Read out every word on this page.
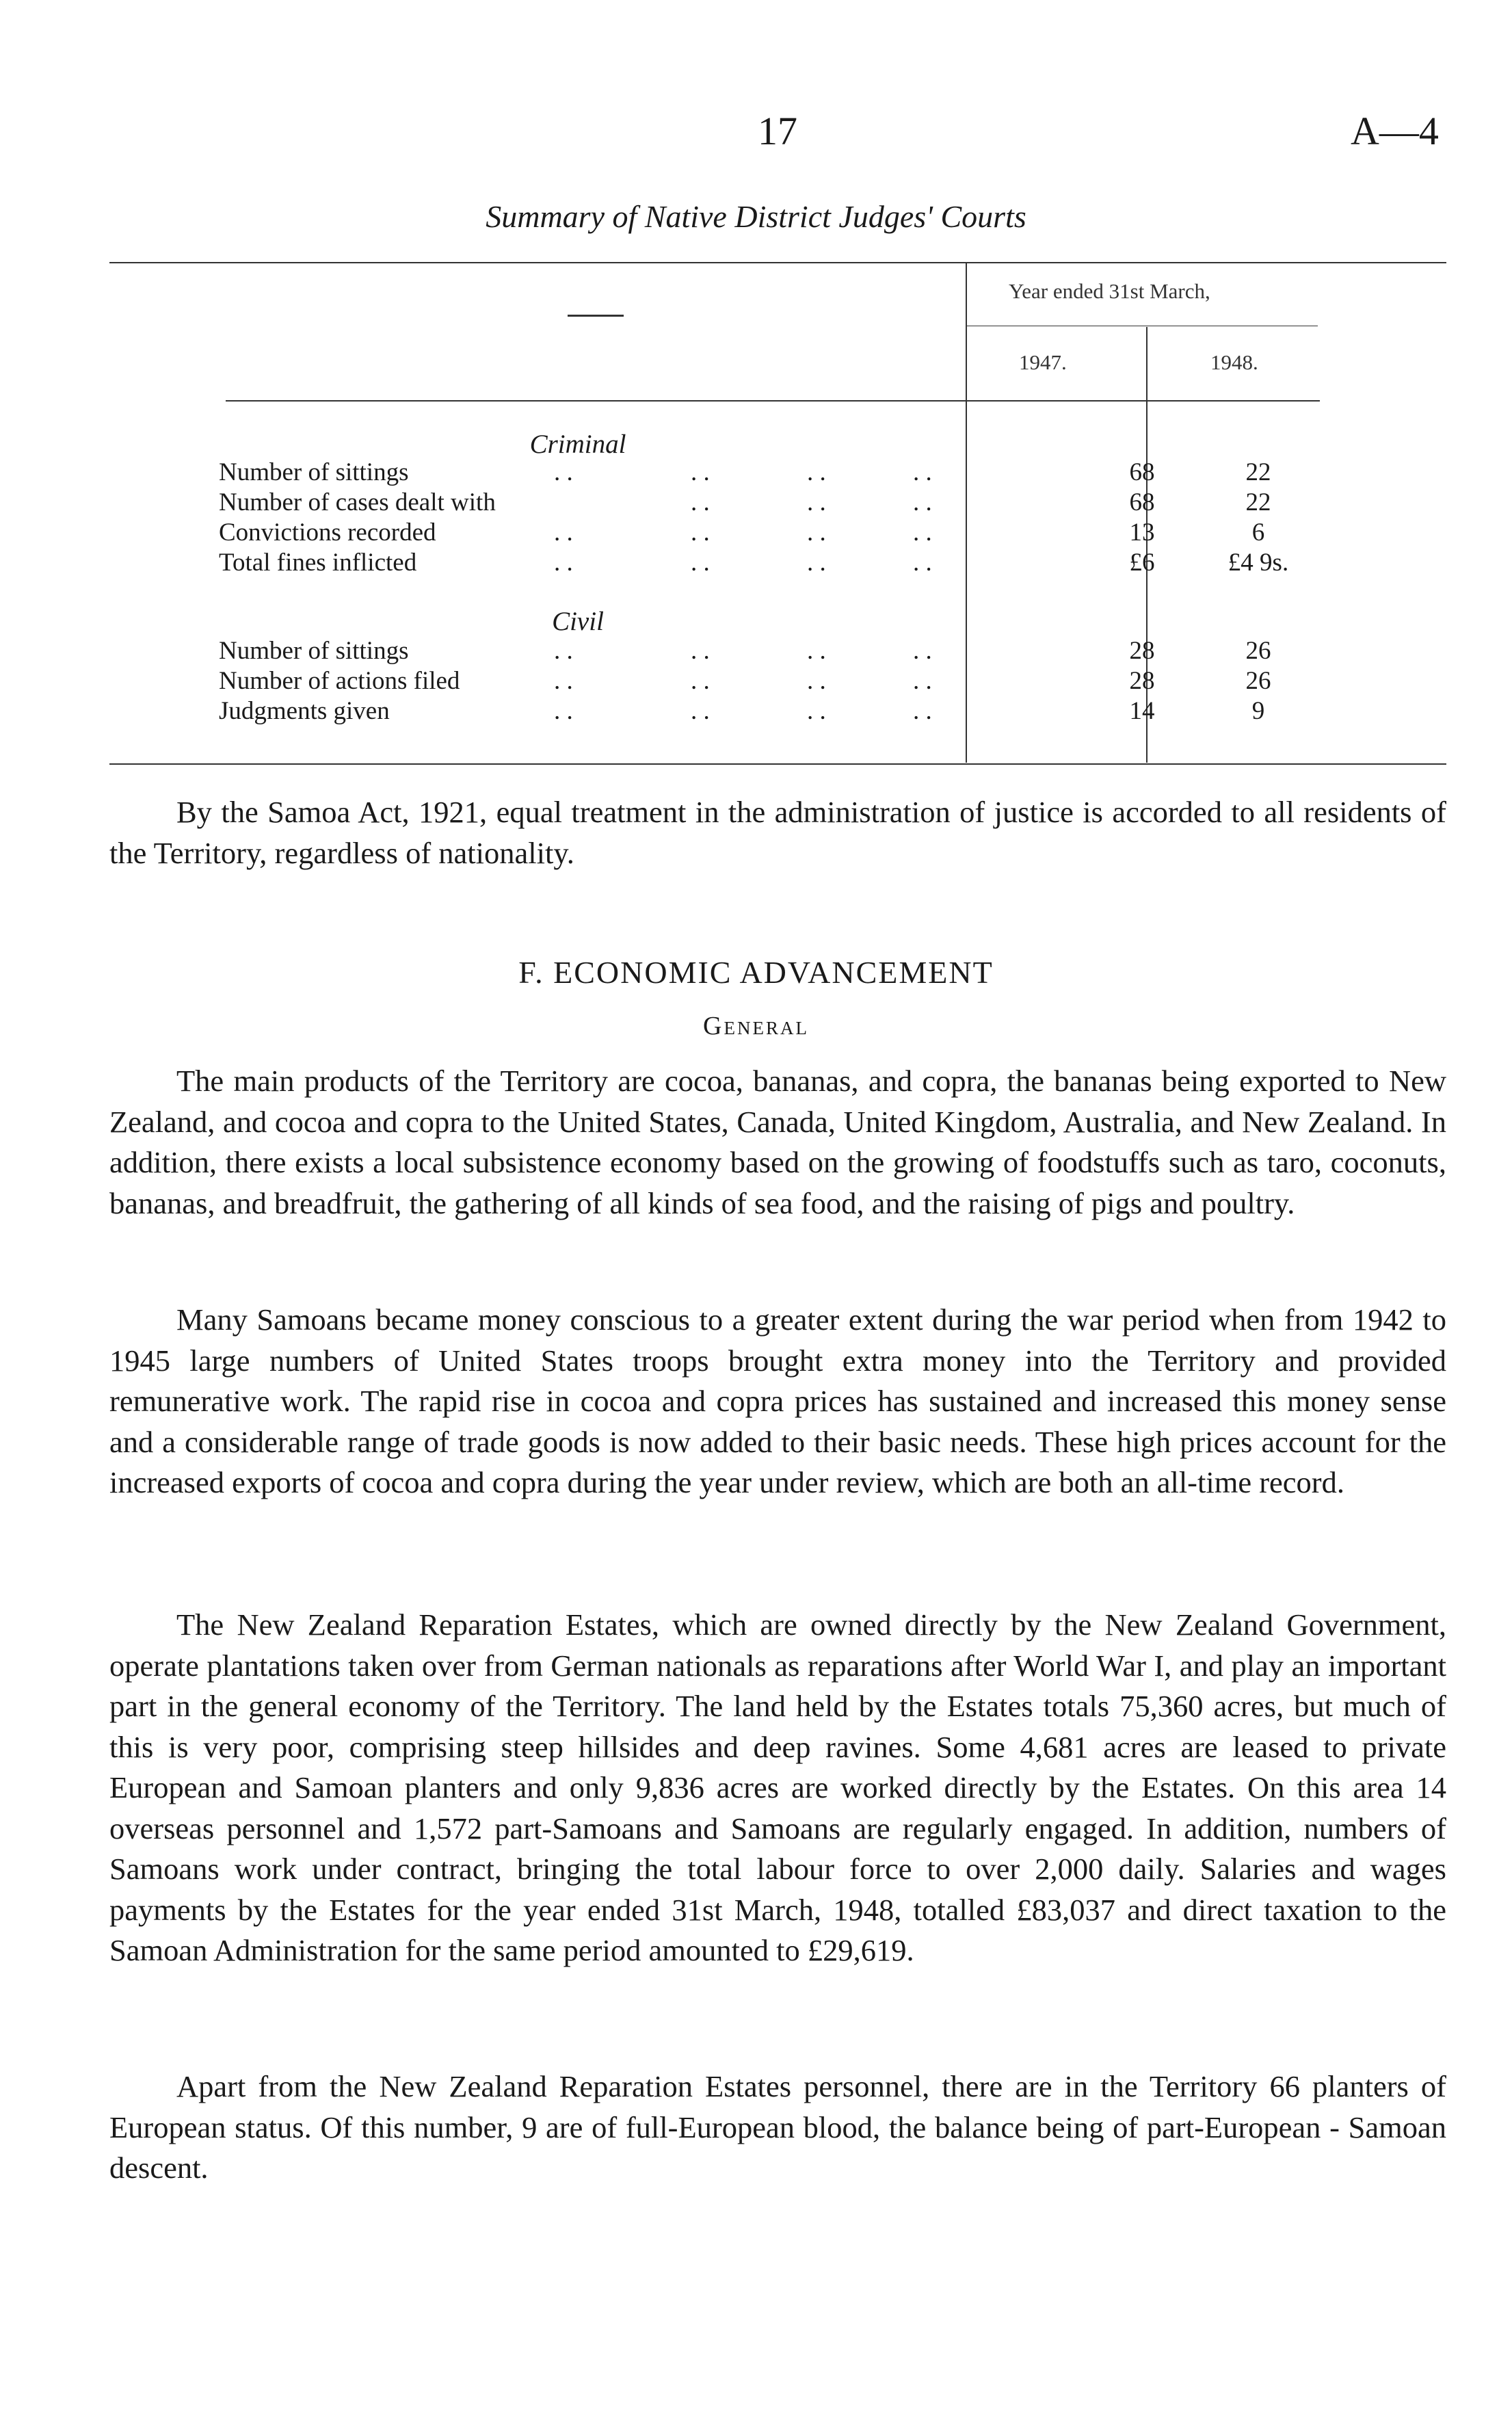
17	A—4
Summary of Native District Judges' Courts
Year ended 31st March,
1947.	1948.
Criminal
Number of sittings	. .	. .	. .	. .	68	22
Number of cases dealt with	. .	. .	. .	68	22
Convictions recorded	. .	. .	. .	. .	13	6
Total fines inflicted	. .	. .	. .	. .	£6	£4 9s.
Civil
Number of sittings	. .	. .	. .	. .	28	26
Number of actions filed	. .	. .	. .	. .	28	26
Judgments given	. .	. .	. .	. .	14	9

By the Samoa Act, 1921, equal treatment in the administration of justice is accorded to all residents of the Territory, regardless of nationality.

F. ECONOMIC ADVANCEMENT
General

The main products of the Territory are cocoa, bananas, and copra, the bananas being exported to New Zealand, and cocoa and copra to the United States, Canada, United Kingdom, Australia, and New Zealand. In addition, there exists a local subsistence economy based on the growing of foodstuffs such as taro, coconuts, bananas, and breadfruit, the gathering of all kinds of sea food, and the raising of pigs and poultry.

Many Samoans became money conscious to a greater extent during the war period when from 1942 to 1945 large numbers of United States troops brought extra money into the Territory and provided remunerative work. The rapid rise in cocoa and copra prices has sustained and increased this money sense and a considerable range of trade goods is now added to their basic needs. These high prices account for the increased exports of cocoa and copra during the year under review, which are both an all-time record.

The New Zealand Reparation Estates, which are owned directly by the New Zealand Government, operate plantations taken over from German nationals as reparations after World War I, and play an important part in the general economy of the Territory. The land held by the Estates totals 75,360 acres, but much of this is very poor, comprising steep hillsides and deep ravines. Some 4,681 acres are leased to private European and Samoan planters and only 9,836 acres are worked directly by the Estates. On this area 14 overseas personnel and 1,572 part-Samoans and Samoans are regularly engaged. In addition, numbers of Samoans work under contract, bringing the total labour force to over 2,000 daily. Salaries and wages payments by the Estates for the year ended 31st March, 1948, totalled £83,037 and direct taxation to the Samoan Administration for the same period amounted to £29,619.

Apart from the New Zealand Reparation Estates personnel, there are in the Territory 66 planters of European status. Of this number, 9 are of full-European blood, the balance being of part-European - Samoan descent.
